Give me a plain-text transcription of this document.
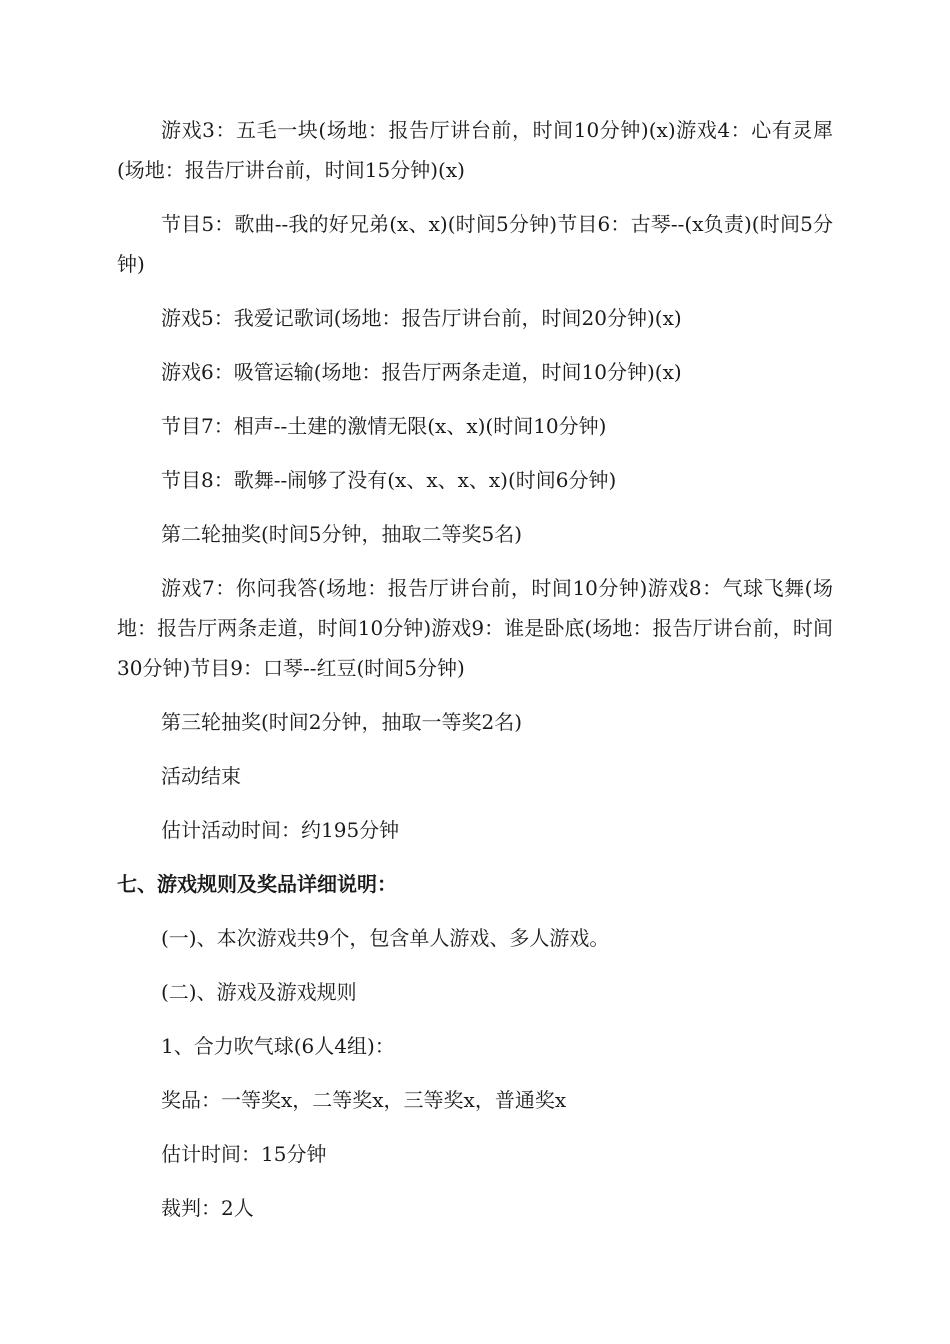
游戏3：五毛一块(场地：报告厅讲台前，时间10分钟)(x)游戏4：心有灵犀(场地：报告厅讲台前，时间15分钟)(x)

节目5：歌曲--我的好兄弟(x、x)(时间5分钟)节目6：古琴--(x负责)(时间5分钟)

游戏5：我爱记歌词(场地：报告厅讲台前，时间20分钟)(x)

游戏6：吸管运输(场地：报告厅两条走道，时间10分钟)(x)

节目7：相声--土建的激情无限(x、x)(时间10分钟)

节目8：歌舞--闹够了没有(x、x、x、x)(时间6分钟)

第二轮抽奖(时间5分钟，抽取二等奖5名)

游戏7：你问我答(场地：报告厅讲台前，时间10分钟)游戏8：气球飞舞(场地：报告厅两条走道，时间10分钟)游戏9：谁是卧底(场地：报告厅讲台前，时间30分钟)节目9：口琴--红豆(时间5分钟)

第三轮抽奖(时间2分钟，抽取一等奖2名)

活动结束

估计活动时间：约195分钟

七、游戏规则及奖品详细说明：

(一)、本次游戏共9个，包含单人游戏、多人游戏。

(二)、游戏及游戏规则

1、合力吹气球(6人4组)：

奖品：一等奖x，二等奖x，三等奖x，普通奖x

估计时间：15分钟

裁判：2人
